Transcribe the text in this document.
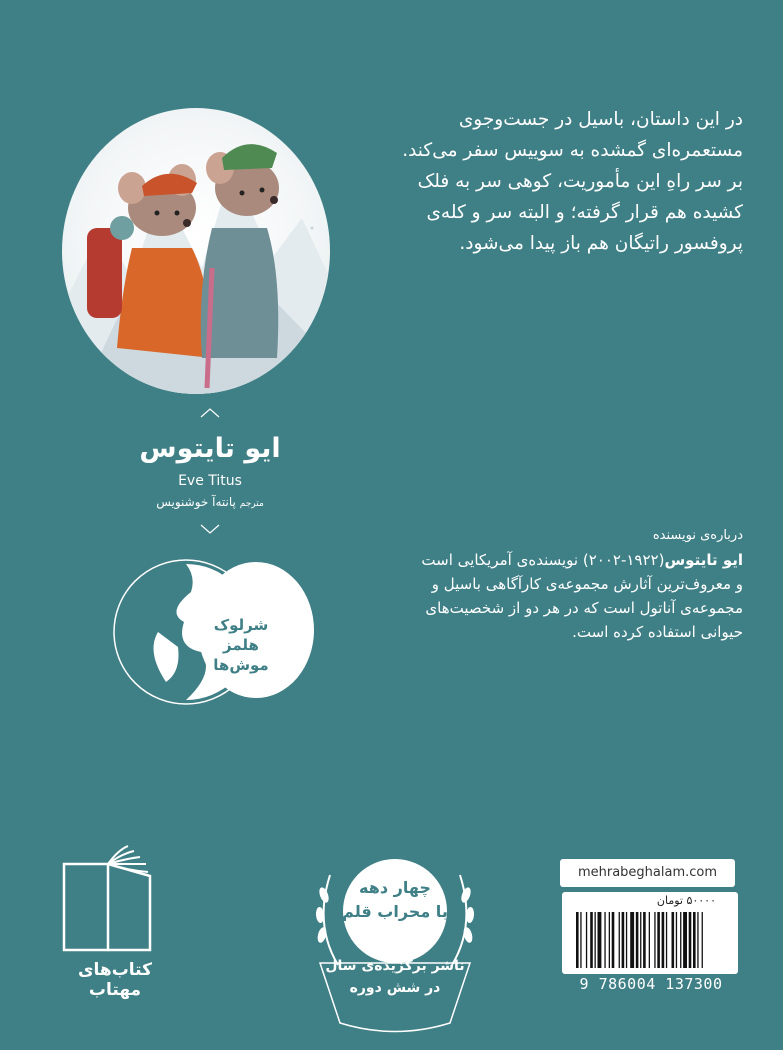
در این داستان، باسیل در جست‌وجوی
مستعمره‌ای گمشده به سوییس سفر می‌کند.
بر سر راهِ این مأموریت، کوهی سر به فلک
کشیده هم قرار گرفته؛ و البته سر و کله‌ی
پروفسور راتیگان هم باز پیدا می‌شود.
ایو تایتوس
Eve Titus
مترجم پانته‌آ خوشنویس
شرلوک
هلمز
موش‌ها
درباره‌ی نویسنده
ایو تایتوس(۱۹۲۲-۲۰۰۲) نویسنده‌ی آمریکایی است
و معروف‌ترین آثارش مجموعه‌ی کارآگاهی باسیل و
مجموعه‌ی آناتول است که در هر دو از شخصیت‌های
حیوانی استفاده کرده است.
کتاب‌های مهتاب
چهار دهه
با محراب قلم
ناشر برگزیده‌ی سال
در شش دوره
mehrabeghalam.com
۵۰۰۰۰ تومان
9 786004 137300
